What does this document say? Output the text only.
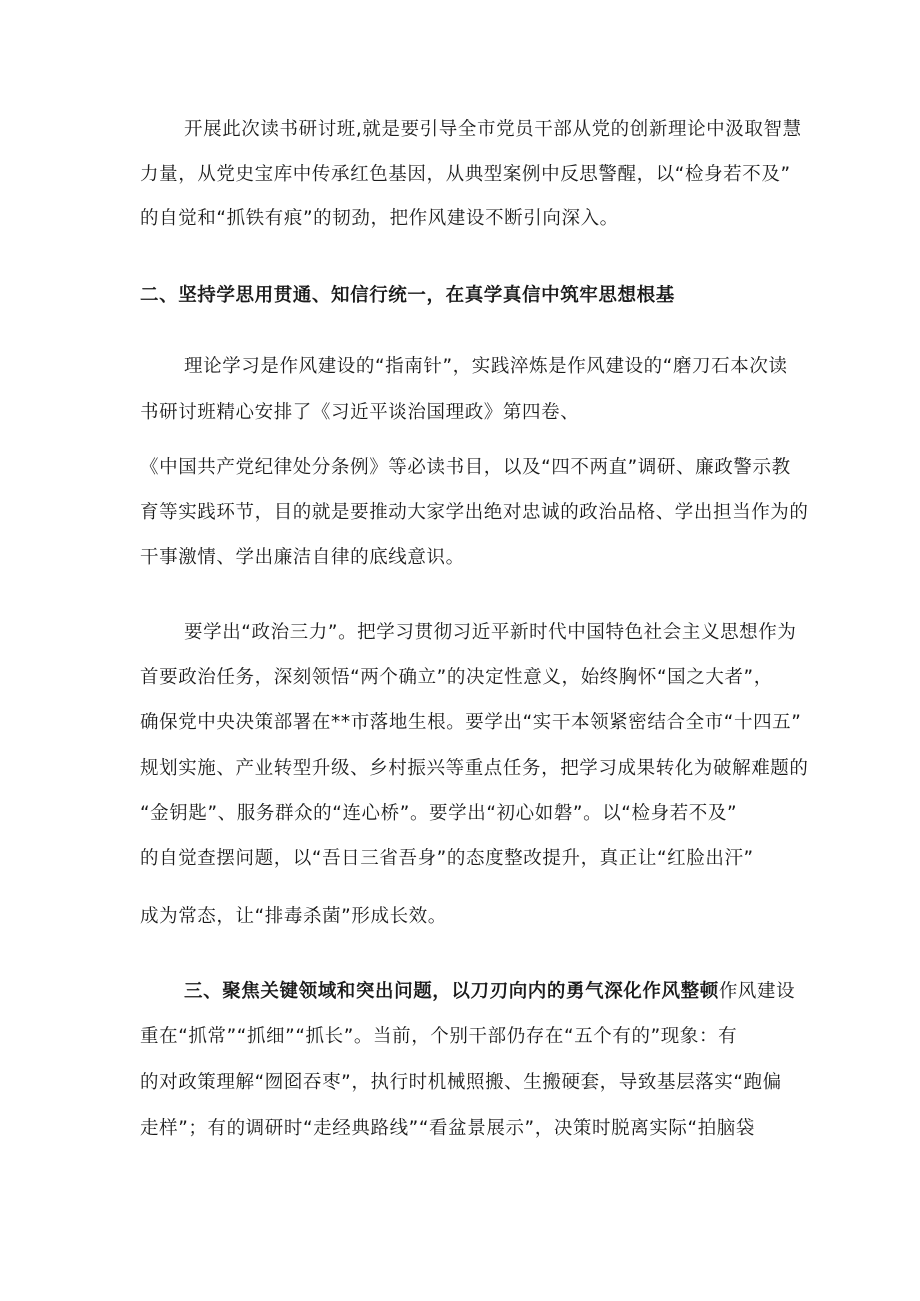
开展此次读书研讨班,就是要引导全市党员干部从党的创新理论中汲取智慧
力量，从党史宝库中传承红色基因，从典型案例中反思警醒，以“检身若不及”
的自觉和“抓铁有痕”的韧劲，把作风建设不断引向深入。
二、坚持学思用贯通、知信行统一，在真学真信中筑牢思想根基
理论学习是作风建设的“指南针”，实践淬炼是作风建设的“磨刀石本次读
书研讨班精心安排了《习近平谈治国理政》第四卷、
《中国共产党纪律处分条例》等必读书目，以及“四不两直”调研、廉政警示教
育等实践环节，目的就是要推动大家学出绝对忠诚的政治品格、学出担当作为的
干事激情、学出廉洁自律的底线意识。
要学出“政治三力”。把学习贯彻习近平新时代中国特色社会主义思想作为
首要政治任务，深刻领悟“两个确立”的决定性意义，始终胸怀“国之大者”，
确保党中央决策部署在**市落地生根。要学出“实干本领紧密结合全市“十四五”
规划实施、产业转型升级、乡村振兴等重点任务，把学习成果转化为破解难题的
“金钥匙”、服务群众的“连心桥”。要学出“初心如磐”。以“检身若不及”
的自觉查摆问题，以“吾日三省吾身”的态度整改提升，真正让“红脸出汗”
成为常态，让“排毒杀菌”形成长效。
三、聚焦关键领域和突出问题，以刀刃向内的勇气深化作风整顿作风建设
重在“抓常”“抓细”“抓长”。当前，个别干部仍存在“五个有的”现象：有
的对政策理解“囫囵吞枣”，执行时机械照搬、生搬硬套，导致基层落实“跑偏
走样”；有的调研时“走经典路线”“看盆景展示”，决策时脱离实际“拍脑袋
